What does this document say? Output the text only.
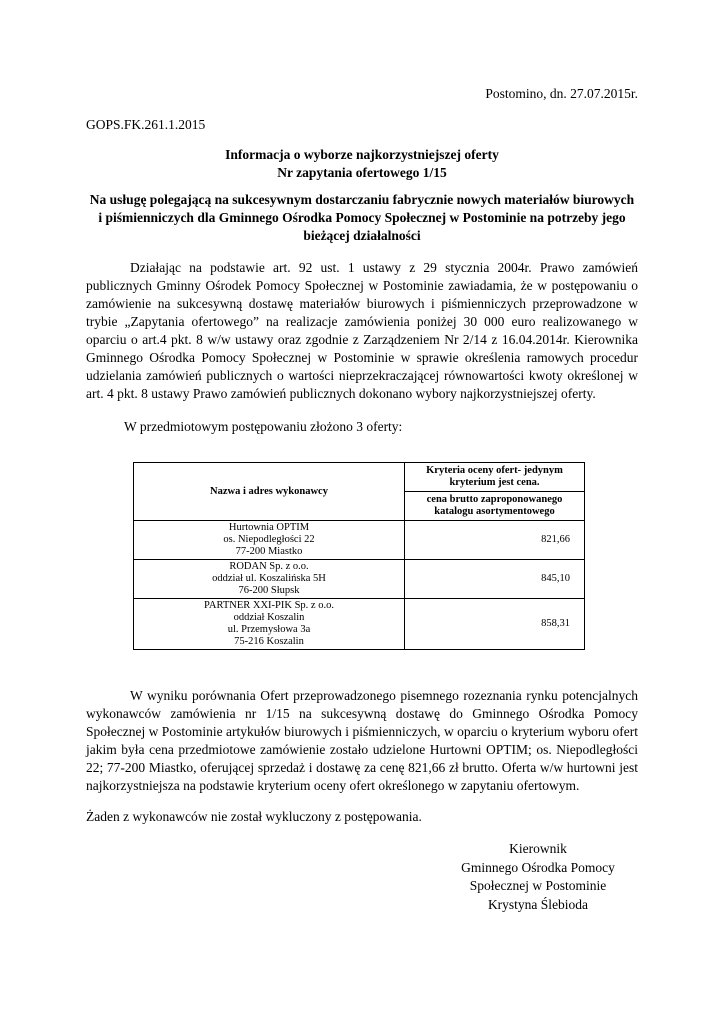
Postomino, dn. 27.07.2015r.
GOPS.FK.261.1.2015
Informacja o wyborze najkorzystniejszej oferty
Nr zapytania ofertowego 1/15
Na usługę polegającą na sukcesywnym dostarczaniu fabrycznie nowych materiałów biurowych
i piśmienniczych dla Gminnego Ośrodka Pomocy Społecznej w Postominie na potrzeby jego
bieżącej działalności
Działając na podstawie art. 92 ust. 1 ustawy z 29 stycznia 2004r. Prawo zamówień publicznych Gminny Ośrodek Pomocy Społecznej w Postominie zawiadamia, że w postępowaniu o zamówienie na sukcesywną dostawę materiałów biurowych i piśmienniczych przeprowadzone w trybie „Zapytania ofertowego” na realizacje zamówienia poniżej 30 000 euro realizowanego w oparciu o art.4 pkt. 8 w/w ustawy oraz zgodnie z Zarządzeniem Nr 2/14 z 16.04.2014r. Kierownika Gminnego Ośrodka Pomocy Społecznej w Postominie w sprawie określenia ramowych procedur udzielania zamówień publicznych o wartości nieprzekraczającej równowartości kwoty określonej w art. 4 pkt. 8 ustawy Prawo zamówień publicznych dokonano wybory najkorzystniejszej oferty.
W przedmiotowym postępowaniu złożono 3 oferty:
Nazwa i adres wykonawcy	Kryteria oceny ofert- jedynym kryterium jest cena.
	cena brutto zaproponowanego katalogu asortymentowego

Hurtownia OPTIM
os. Niepodległości 22
77-200 Miastko	821,66

RODAN Sp. z o.o.
oddział ul. Koszalińska 5H
76-200 Słupsk	845,10

PARTNER XXI-PIK Sp. z o.o.
oddział Koszalin
ul. Przemysłowa 3a
75-216 Koszalin	858,31
W wyniku porównania Ofert przeprowadzonego pisemnego rozeznania rynku potencjalnych wykonawców zamówienia nr 1/15 na sukcesywną dostawę do Gminnego Ośrodka Pomocy Społecznej w Postominie artykułów biurowych i piśmienniczych, w oparciu o kryterium wyboru ofert jakim była cena przedmiotowe zamówienie zostało udzielone Hurtowni OPTIM; os. Niepodległości 22; 77-200 Miastko, oferującej sprzedaż i dostawę za cenę 821,66 zł brutto. Oferta w/w hurtowni jest najkorzystniejsza na podstawie kryterium oceny ofert określonego w zapytaniu ofertowym.
Żaden z wykonawców nie został wykluczony z postępowania.
Kierownik
Gminnego Ośrodka Pomocy
Społecznej w Postominie
Krystyna Ślebioda
